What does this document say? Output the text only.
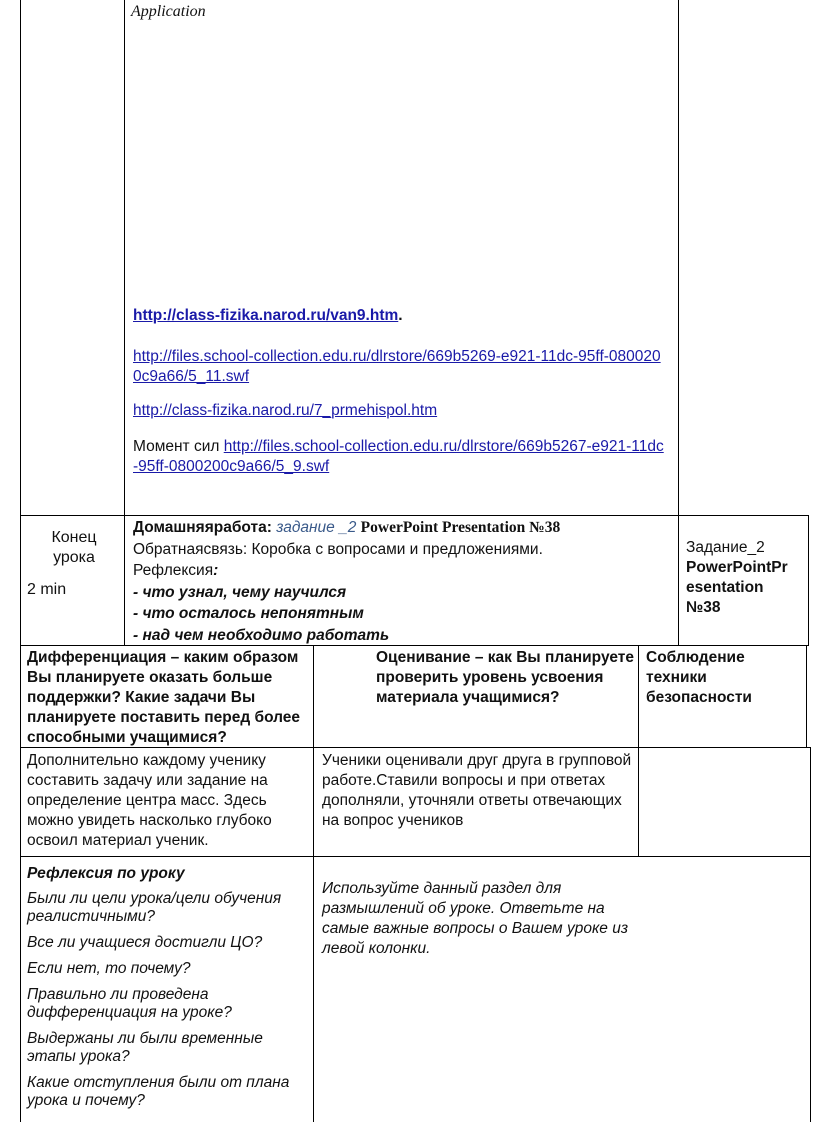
Application
http://class-fizika.narod.ru/van9.htm.
http://files.school-collection.edu.ru/dlrstore/669b5269-e921-11dc-95ff-0800200c9a66/5_11.swf
http://class-fizika.narod.ru/7_prmehispol.htm
Момент сил http://files.school-collection.edu.ru/dlrstore/669b5267-e921-11dc-95ff-0800200c9a66/5_9.swf
Конец
урока
2 min
Домашняяработа: задание _2 PowerPoint Presentation №38
Обратнаясвязь: Коробка с вопросами и предложениями.
Рефлексия:
- что узнал, чему научился
- что осталось непонятным
- над чем необходимо работать
Задание_2
PowerPointPr
esentation
№38
Дифференциация – каким образом Вы планируете оказать больше поддержки? Какие задачи Вы планируете поставить перед более способными учащимися?
Оценивание – как Вы планируете проверить уровень усвоения материала учащимися?
Соблюдение техники безопасности
Дополнительно каждому ученику составить задачу или задание на определение центра масс. Здесь можно увидеть насколько глубоко освоил материал ученик.
Ученики оценивали друг друга в групповой работе.Ставили вопросы и при ответах дополняли, уточняли ответы отвечающих на вопрос учеников
Рефлексия по уроку
Были ли цели урока/цели обучения реалистичными?
Все ли учащиеся достигли ЦО?
Если нет, то почему?
Правильно ли проведена дифференциация на уроке?
Выдержаны ли были временные этапы урока?
Какие отступления были от плана урока и почему?
Используйте данный раздел для размышлений об уроке. Ответьте на самые важные вопросы о Вашем уроке из левой колонки.
